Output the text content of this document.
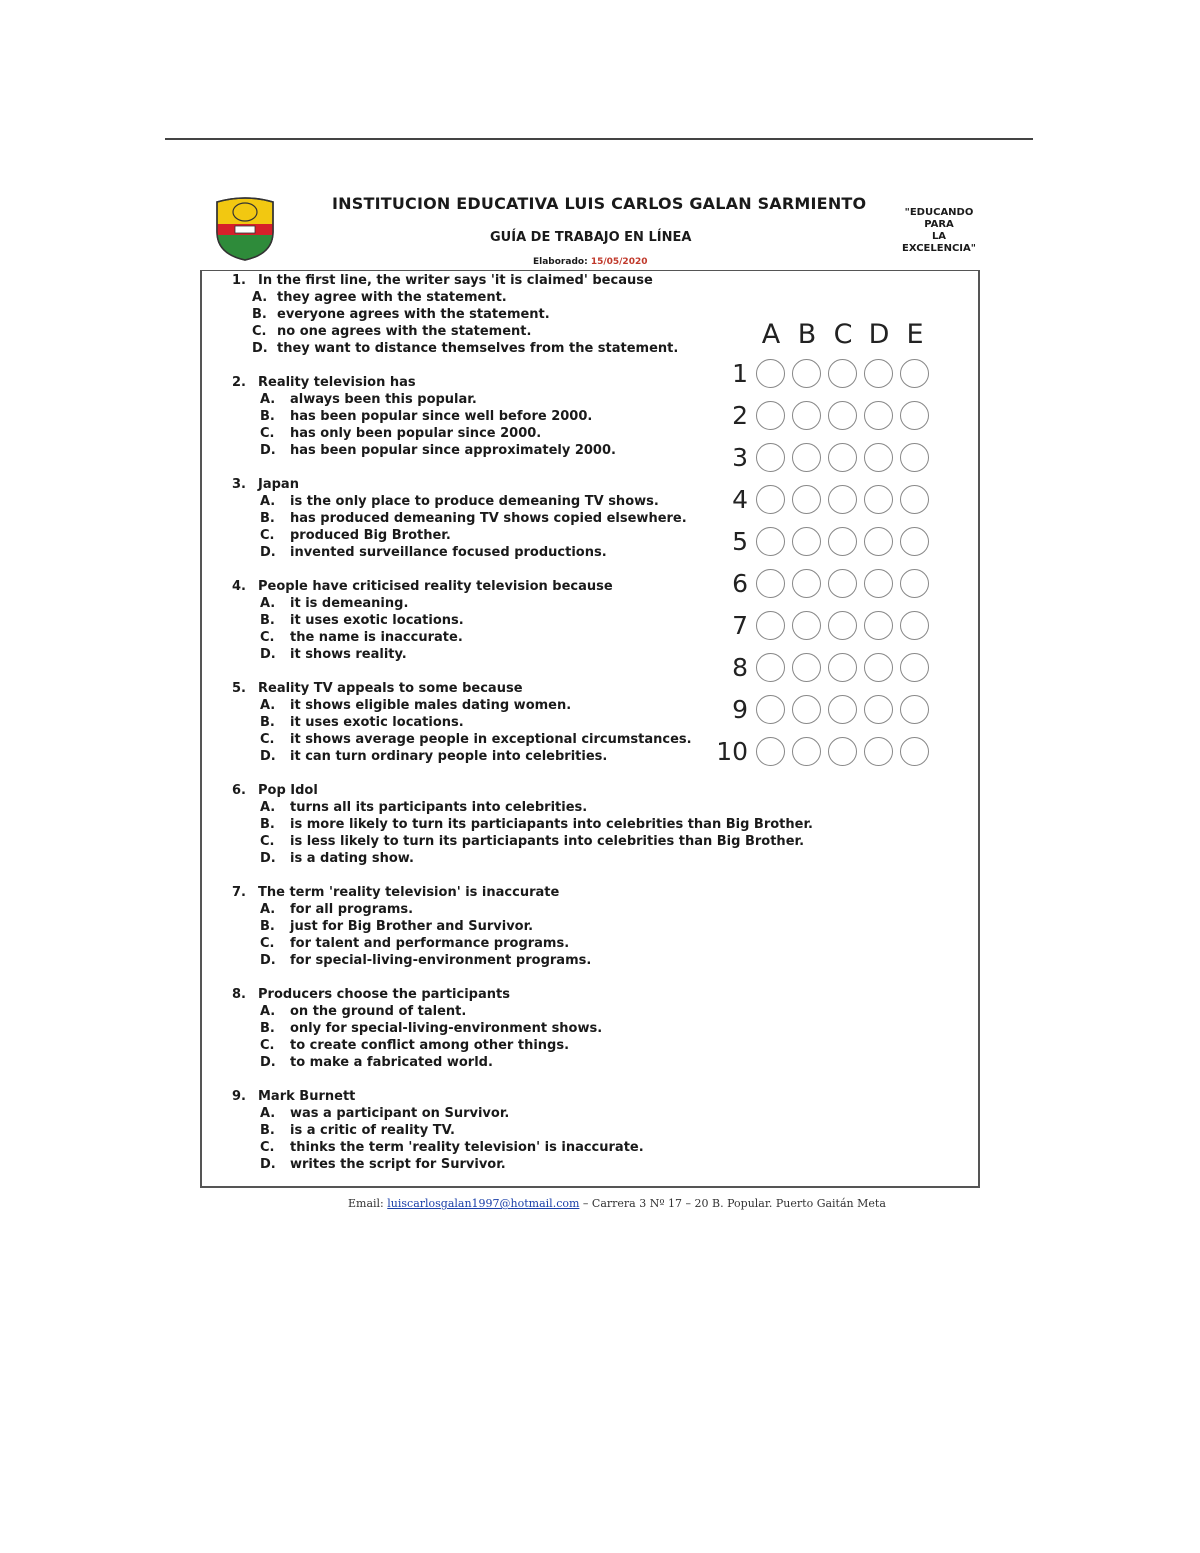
INSTITUCION EDUCATIVA LUIS CARLOS GALAN SARMIENTO
GUÍA DE TRABAJO EN LÍNEA
Elaborado: 15/05/2020
"EDUCANDO
PARA
LA
EXCELENCIA"
1. In the first line, the writer says 'it is claimed' because
A. they agree with the statement.
B. everyone agrees with the statement.
C. no one agrees with the statement.
D. they want to distance themselves from the statement.
2. Reality television has
A. always been this popular.
B. has been popular since well before 2000.
C. has only been popular since 2000.
D. has been popular since approximately 2000.
3. Japan
A. is the only place to produce demeaning TV shows.
B. has produced demeaning TV shows copied elsewhere.
C. produced Big Brother.
D. invented surveillance focused productions.
4. People have criticised reality television because
A. it is demeaning.
B. it uses exotic locations.
C. the name is inaccurate.
D. it shows reality.
5. Reality TV appeals to some because
A. it shows eligible males dating women.
B. it uses exotic locations.
C. it shows average people in exceptional circumstances.
D. it can turn ordinary people into celebrities.
6. Pop Idol
A. turns all its participants into celebrities.
B. is more likely to turn its particiapants into celebrities than Big Brother.
C. is less likely to turn its particiapants into celebrities than Big Brother.
D. is a dating show.
7. The term 'reality television' is inaccurate
A. for all programs.
B. just for Big Brother and Survivor.
C. for talent and performance programs.
D. for special-living-environment programs.
8. Producers choose the participants
A. on the ground of talent.
B. only for special-living-environment shows.
C. to create conflict among other things.
D. to make a fabricated world.
9. Mark Burnett
A. was a participant on Survivor.
B. is a critic of reality TV.
C. thinks the term 'reality television' is inaccurate.
D. writes the script for Survivor.
A B C D E
1
2
3
4
5
6
7
8
9
10
Email: luiscarlosgalan1997@hotmail.com – Carrera 3 Nº 17 – 20 B. Popular. Puerto Gaitán Meta
